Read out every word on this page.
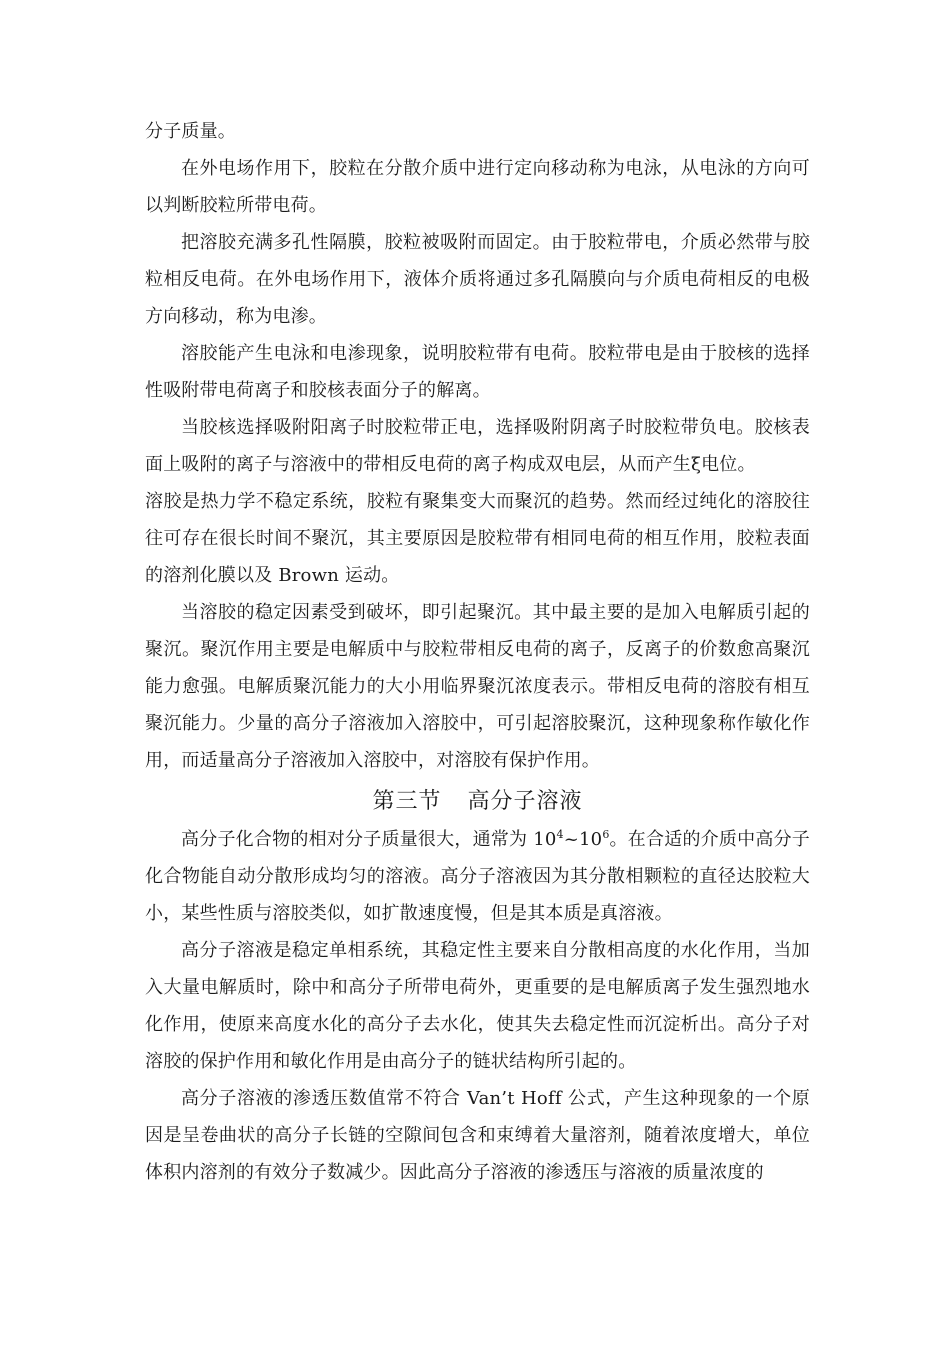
分子质量。

在外电场作用下，胶粒在分散介质中进行定向移动称为电泳，从电泳的方向可以判断胶粒所带电荷。

把溶胶充满多孔性隔膜，胶粒被吸附而固定。由于胶粒带电，介质必然带与胶粒相反电荷。在外电场作用下，液体介质将通过多孔隔膜向与介质电荷相反的电极方向移动，称为电渗。

溶胶能产生电泳和电渗现象，说明胶粒带有电荷。胶粒带电是由于胶核的选择性吸附带电荷离子和胶核表面分子的解离。

当胶核选择吸附阳离子时胶粒带正电，选择吸附阴离子时胶粒带负电。胶核表面上吸附的离子与溶液中的带相反电荷的离子构成双电层，从而产生ξ电位。

溶胶是热力学不稳定系统，胶粒有聚集变大而聚沉的趋势。然而经过纯化的溶胶往往可存在很长时间不聚沉，其主要原因是胶粒带有相同电荷的相互作用，胶粒表面的溶剂化膜以及 Brown 运动。

当溶胶的稳定因素受到破坏，即引起聚沉。其中最主要的是加入电解质引起的聚沉。聚沉作用主要是电解质中与胶粒带相反电荷的离子，反离子的价数愈高聚沉能力愈强。电解质聚沉能力的大小用临界聚沉浓度表示。带相反电荷的溶胶有相互聚沉能力。少量的高分子溶液加入溶胶中，可引起溶胶聚沉，这种现象称作敏化作用，而适量高分子溶液加入溶胶中，对溶胶有保护作用。

第三节 高分子溶液

高分子化合物的相对分子质量很大，通常为 $10^4\sim 10^6$。在合适的介质中高分子化合物能自动分散形成均匀的溶液。高分子溶液因为其分散相颗粒的直径达胶粒大小，某些性质与溶胶类似，如扩散速度慢，但是其本质是真溶液。

高分子溶液是稳定单相系统，其稳定性主要来自分散相高度的水化作用，当加入大量电解质时，除中和高分子所带电荷外，更重要的是电解质离子发生强烈地水化作用，使原来高度水化的高分子去水化，使其失去稳定性而沉淀析出。高分子对溶胶的保护作用和敏化作用是由高分子的链状结构所引起的。

高分子溶液的渗透压数值常不符合 Van’t Hoff 公式，产生这种现象的一个原因是呈卷曲状的高分子长链的空隙间包含和束缚着大量溶剂，随着浓度增大，单位体积内溶剂的有效分子数减少。因此高分子溶液的渗透压与溶液的质量浓度的
